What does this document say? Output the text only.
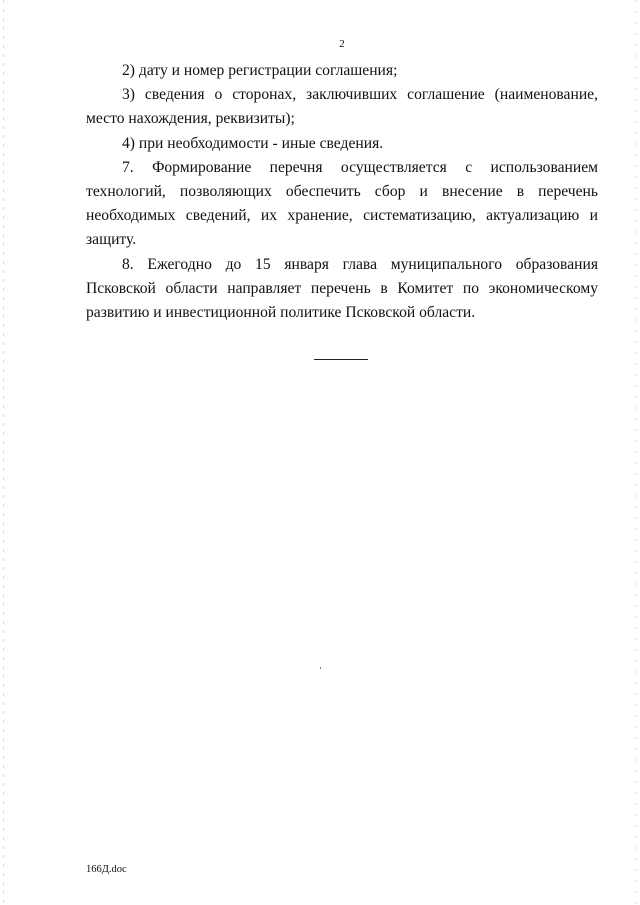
2

2) дату и номер регистрации соглашения;

3) сведения о сторонах, заключивших соглашение (наименование, место нахождения, реквизиты);

4) при необходимости - иные сведения.

7. Формирование перечня осуществляется с использованием технологий, позволяющих обеспечить сбор и внесение в перечень необходимых сведений, их хранение, систематизацию, актуализацию и защиту.

8. Ежегодно до 15 января глава муниципального образования Псковской области направляет перечень в Комитет по экономическому развитию и инвестиционной политике Псковской области.

166Д.doc
